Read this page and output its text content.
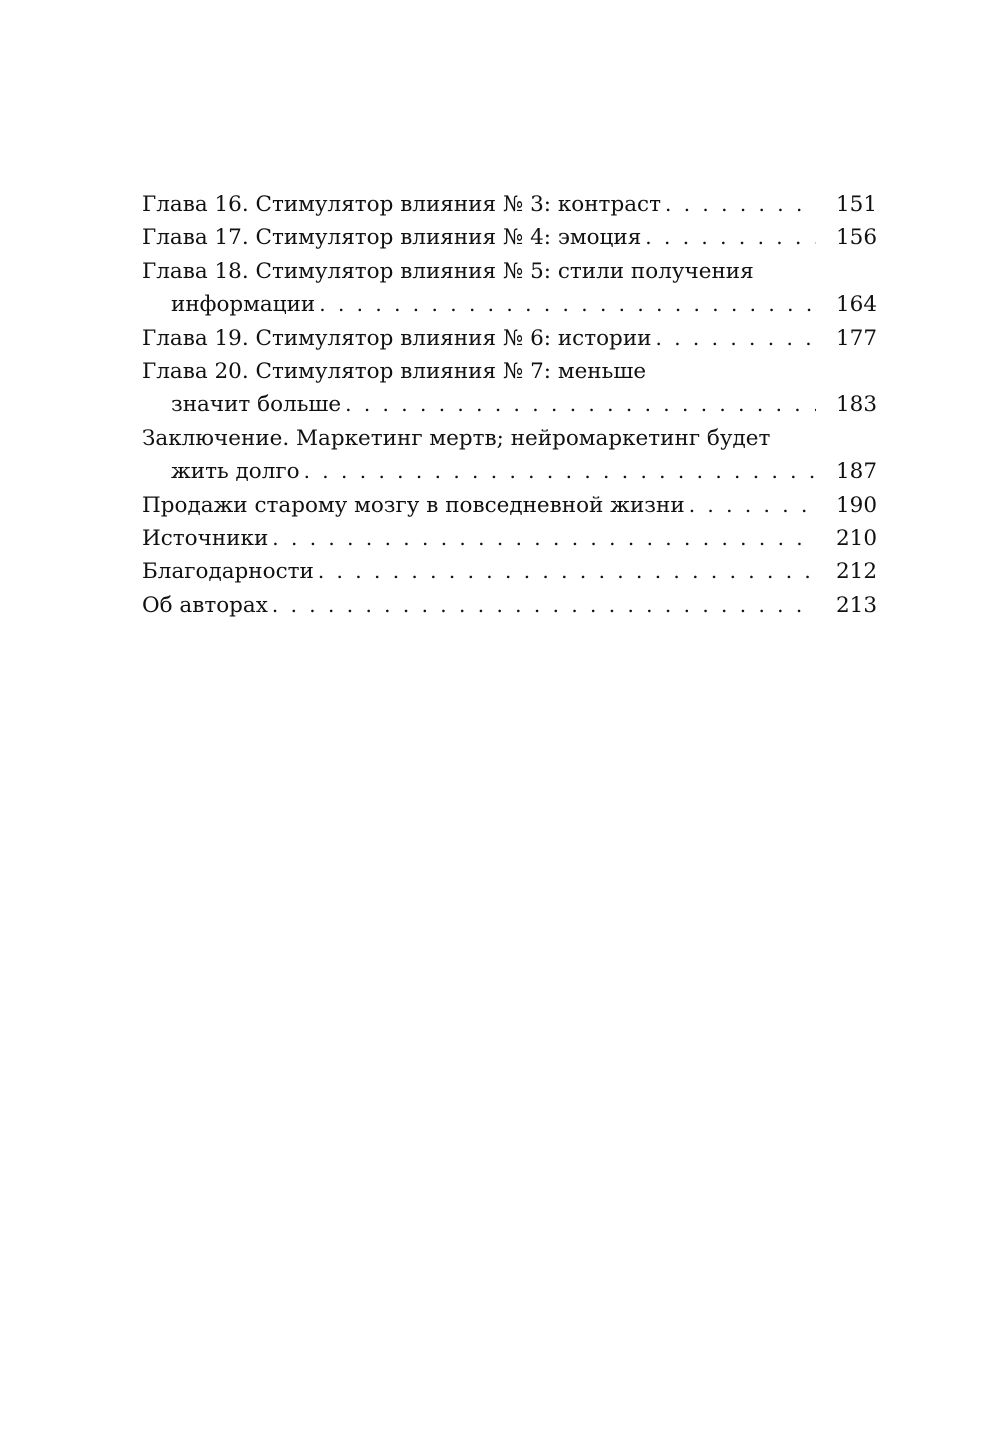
Глава 16. Стимулятор влияния № 3: контраст . . .	151
Глава 17. Стимулятор влияния № 4: эмоция . . .	156
Глава 18. Стимулятор влияния № 5: стили получения
информации . . .	164
Глава 19. Стимулятор влияния № 6: истории . . .	177
Глава 20. Стимулятор влияния № 7: меньше
значит больше . . .	183
Заключение. Маркетинг мертв; нейромаркетинг будет
жить долго . . .	187
Продажи старому мозгу в повседневной жизни . . .	190
Источники . . .	210
Благодарности . . .	212
Об авторах . . .	213
